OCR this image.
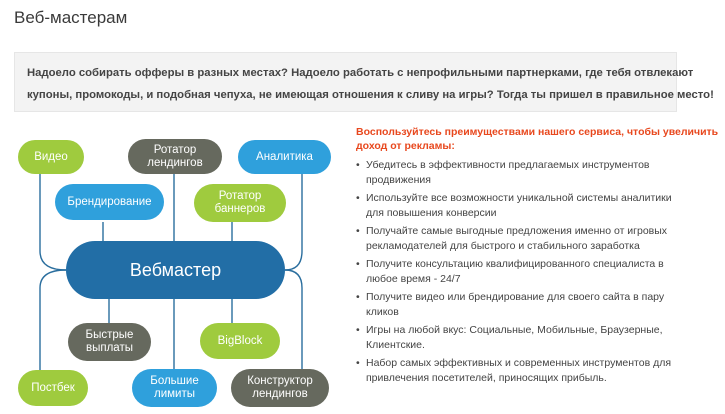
Веб-мастерам
Надоело собирать офферы в разных местах? Надоело работать с непрофильными партнерками, где тебя отвлекают
купоны, промокоды, и подобная чепуха, не имеющая отношения к сливу на игры? Тогда ты пришел в правильное место!
Видео
Ротатор
лендингов	Аналитика
Брендирование	Ротатор
баннеров
Вебмастер
Быстрые
выплаты
BigBlock
Постбек
Большие
лимиты
Конструктор
лендингов
Воспользуйтесь преимуществами нашего сервиса, чтобы увеличить
доход от рекламы:
• Убедитесь в эффективности предлагаемых инструментов
продвижения
• Используйте все возможности уникальной системы аналитики
для повышения конверсии
• Получайте самые выгодные предложения именно от игровых
рекламодателей для быстрого и стабильного заработка
• Получите консультацию квалифицированного специалиста в
любое время - 24/7
• Получите видео или брендирование для своего сайта в пару
кликов
• Игры на любой вкус: Социальные, Мобильные, Браузерные,
Клиентские.
• Набор самых эффективных и современных инструментов для
привлечения посетителей, приносящих прибыль.
